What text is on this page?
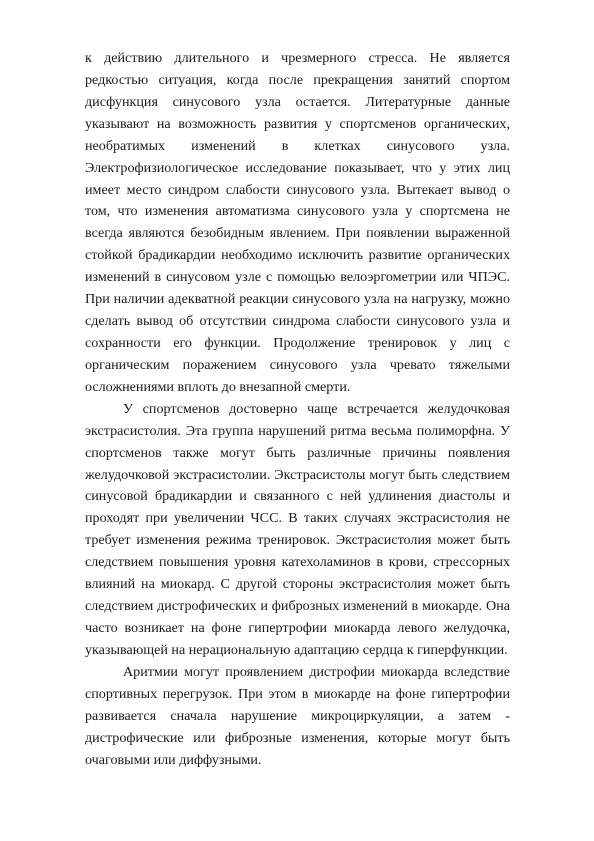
к действию длительного и чрезмерного стресса. Не является редкостью ситуация, когда после прекращения занятий спортом дисфункция синусового узла остается. Литературные данные указывают на возможность развития у спортсменов органических, необратимых изменений в клетках синусового узла. Электрофизиологическое исследование показывает, что у этих лиц имеет место синдром слабости синусового узла. Вытекает вывод о том, что изменения автоматизма синусового узла у спортсмена не всегда являются безобидным явлением. При появлении выраженной стойкой брадикардии необходимо исключить развитие органических изменений в синусовом узле с помощью велоэргометрии или ЧПЭС. При наличии адекватной реакции синусового узла на нагрузку, можно сделать вывод об отсутствии синдрома слабости синусового узла и сохранности его функции. Продолжение тренировок у лиц с органическим поражением синусового узла чревато тяжелыми осложнениями вплоть до внезапной смерти.

У спортсменов достоверно чаще встречается желудочковая экстрасистолия. Эта группа нарушений ритма весьма полиморфна. У спортсменов также могут быть различные причины появления желудочковой экстрасистолии. Экстрасистолы могут быть следствием синусовой брадикардии и связанного с ней удлинения диастолы и проходят при увеличении ЧСС. В таких случаях экстрасистолия не требует изменения режима тренировок. Экстрасистолия может быть следствием повышения уровня катехоламинов в крови, стрессорных влияний на миокард. С другой стороны экстрасистолия может быть следствием дистрофических и фиброзных изменений в миокарде. Она часто возникает на фоне гипертрофии миокарда левого желудочка, указывающей на нерациональную адаптацию сердца к гиперфункции.

Аритмии могут проявлением дистрофии миокарда вследствие спортивных перегрузок. При этом в миокарде на фоне гипертрофии развивается сначала нарушение микроциркуляции, а затем - дистрофические или фиброзные изменения, которые могут быть очаговыми или диффузными.
